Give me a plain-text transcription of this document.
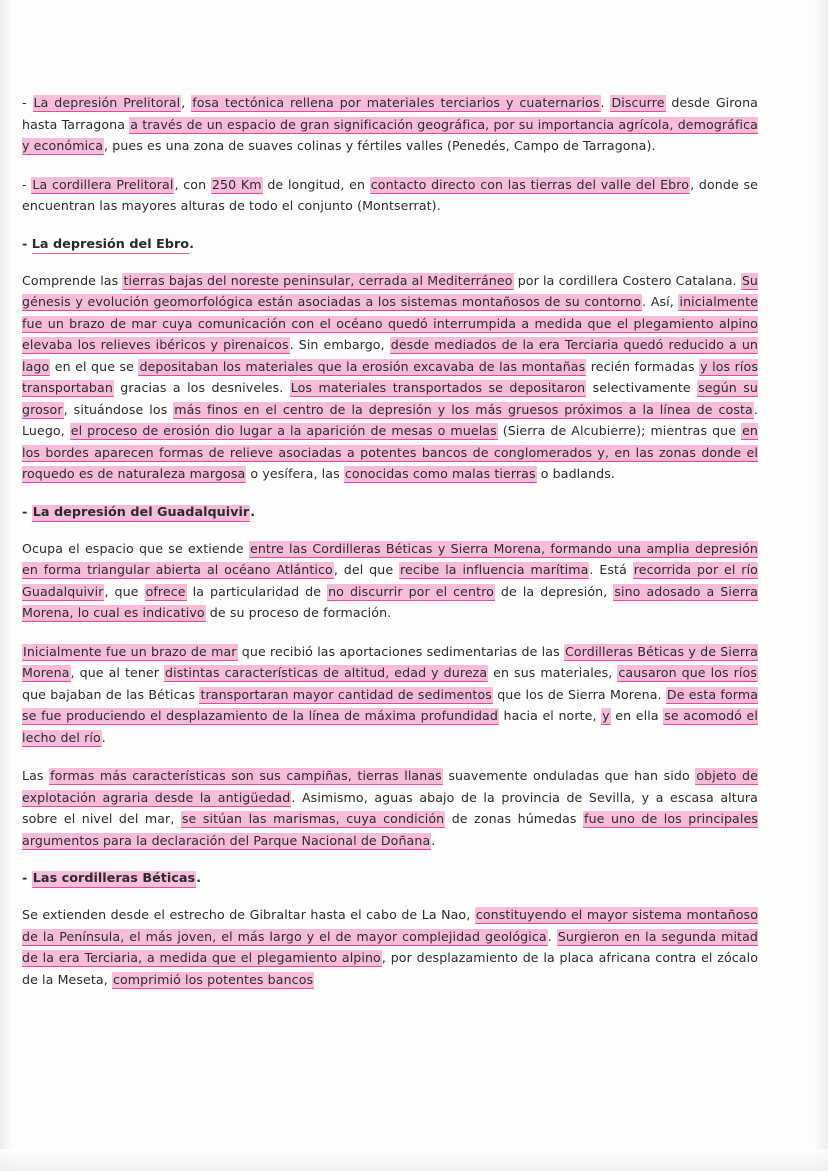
- La depresión Prelitoral, fosa tectónica rellena por materiales terciarios y cuaternarios. Discurre desde Girona hasta Tarragona a través de un espacio de gran significación geográfica, por su importancia agrícola, demográfica y económica, pues es una zona de suaves colinas y fértiles valles (Penedés, Campo de Tarragona).

- La cordillera Prelitoral, con 250 Km de longitud, en contacto directo con las tierras del valle del Ebro, donde se encuentran las mayores alturas de todo el conjunto (Montserrat).

- La depresión del Ebro.

Comprende las tierras bajas del noreste peninsular, cerrada al Mediterráneo por la cordillera Costero Catalana. Su génesis y evolución geomorfológica están asociadas a los sistemas montañosos de su contorno. Así, inicialmente fue un brazo de mar cuya comunicación con el océano quedó interrumpida a medida que el plegamiento alpino elevaba los relieves ibéricos y pirenaicos. Sin embargo, desde mediados de la era Terciaria quedó reducido a un lago en el que se depositaban los materiales que la erosión excavaba de las montañas recién formadas y los ríos transportaban gracias a los desniveles. Los materiales transportados se depositaron selectivamente según su grosor, situándose los más finos en el centro de la depresión y los más gruesos próximos a la línea de costa. Luego, el proceso de erosión dio lugar a la aparición de mesas o muelas (Sierra de Alcubierre); mientras que en los bordes aparecen formas de relieve asociadas a potentes bancos de conglomerados y, en las zonas donde el roquedo es de naturaleza margosa o yesífera, las conocidas como malas tierras o badlands.

- La depresión del Guadalquivir.

Ocupa el espacio que se extiende entre las Cordilleras Béticas y Sierra Morena, formando una amplia depresión en forma triangular abierta al océano Atlántico, del que recibe la influencia marítima. Está recorrida por el río Guadalquivir, que ofrece la particularidad de no discurrir por el centro de la depresión, sino adosado a Sierra Morena, lo cual es indicativo de su proceso de formación.

Inicialmente fue un brazo de mar que recibió las aportaciones sedimentarias de las Cordilleras Béticas y de Sierra Morena, que al tener distintas características de altitud, edad y dureza en sus materiales, causaron que los ríos que bajaban de las Béticas transportaran mayor cantidad de sedimentos que los de Sierra Morena. De esta forma se fue produciendo el desplazamiento de la línea de máxima profundidad hacia el norte, y en ella se acomodó el lecho del río.

Las formas más características son sus campiñas, tierras llanas suavemente onduladas que han sido objeto de explotación agraria desde la antigüedad. Asimismo, aguas abajo de la provincia de Sevilla, y a escasa altura sobre el nivel del mar, se sitúan las marismas, cuya condición de zonas húmedas fue uno de los principales argumentos para la declaración del Parque Nacional de Doñana.

- Las cordilleras Béticas.

Se extienden desde el estrecho de Gibraltar hasta el cabo de La Nao, constituyendo el mayor sistema montañoso de la Península, el más joven, el más largo y el de mayor complejidad geológica. Surgieron en la segunda mitad de la era Terciaria, a medida que el plegamiento alpino, por desplazamiento de la placa africana contra el zócalo de la Meseta, comprimió los potentes bancos
